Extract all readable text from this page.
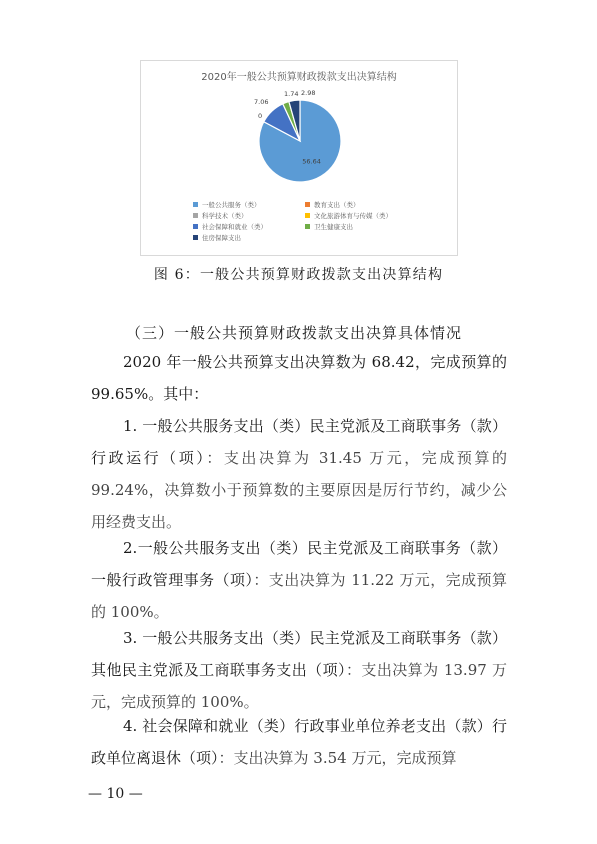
2020年一般公共预算财政拨款支出决算结构
56.64
0
7.06
1.74 2.98
一般公共服务（类）	教育支出（类）
科学技术（类）	文化旅游体育与传媒（类）
社会保障和就业（类）	卫生健康支出
住房保障支出

图 6：一般公共预算财政拨款支出决算结构

（三）一般公共预算财政拨款支出决算具体情况

2020 年一般公共预算支出决算数为 68.42，完成预算的 99.65%。其中：

1. 一般公共服务支出（类）民主党派及工商联事务（款）行政运行（项）：支出决算为 31.45 万元，完成预算的 99.24%，决算数小于预算数的主要原因是厉行节约，减少公用经费支出。

2.一般公共服务支出（类）民主党派及工商联事务（款）一般行政管理事务（项）：支出决算为 11.22 万元，完成预算的 100%。

3. 一般公共服务支出（类）民主党派及工商联事务（款）其他民主党派及工商联事务支出（项）：支出决算为 13.97 万元，完成预算的 100%。

4. 社会保障和就业（类）行政事业单位养老支出（款）行政单位离退休（项）：支出决算为 3.54 万元，完成预算

— 10 —
